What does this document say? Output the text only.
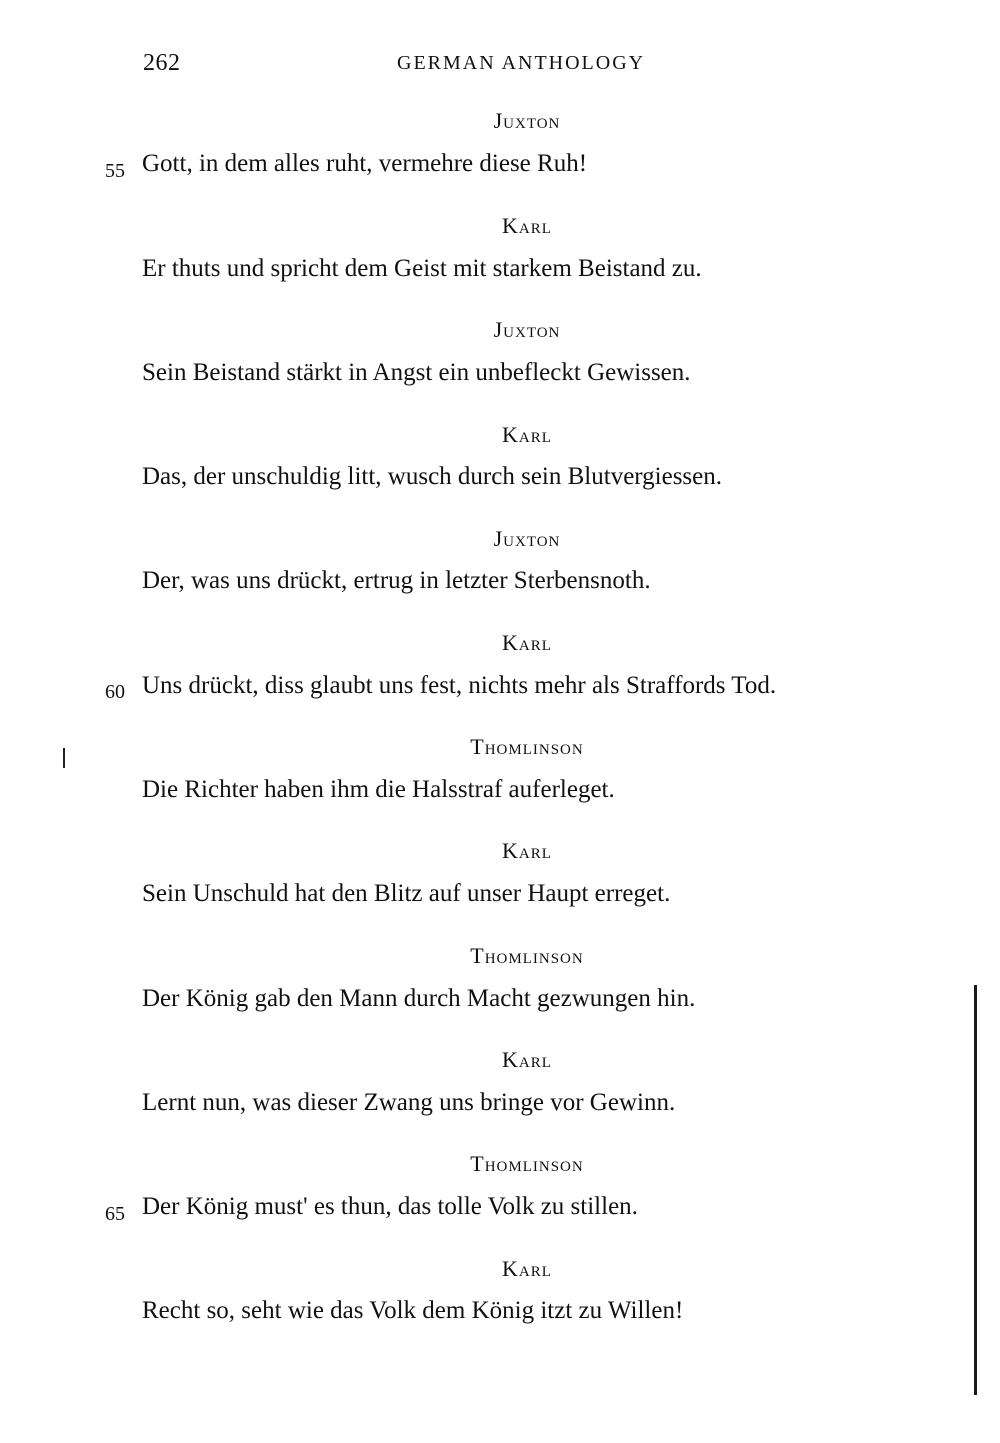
262	GERMAN ANTHOLOGY
Juxton
55 Gott, in dem alles ruht, vermehre diese Ruh!
Karl
Er thuts und spricht dem Geist mit starkem Beistand zu.
Juxton
Sein Beistand stärkt in Angst ein unbefleckt Gewissen.
Karl
Das, der unschuldig litt, wusch durch sein Blutvergiessen.
Juxton
Der, was uns drückt, ertrug in letzter Sterbensnoth.
Karl
60 Uns drückt, diss glaubt uns fest, nichts mehr als Straffords Tod.
Thomlinson
Die Richter haben ihm die Halsstraf auferleget.
Karl
Sein Unschuld hat den Blitz auf unser Haupt erreget.
Thomlinson
Der König gab den Mann durch Macht gezwungen hin.
Karl
Lernt nun, was dieser Zwang uns bringe vor Gewinn.
Thomlinson
65 Der König must' es thun, das tolle Volk zu stillen.
Karl
Recht so, seht wie das Volk dem König itzt zu Willen!
